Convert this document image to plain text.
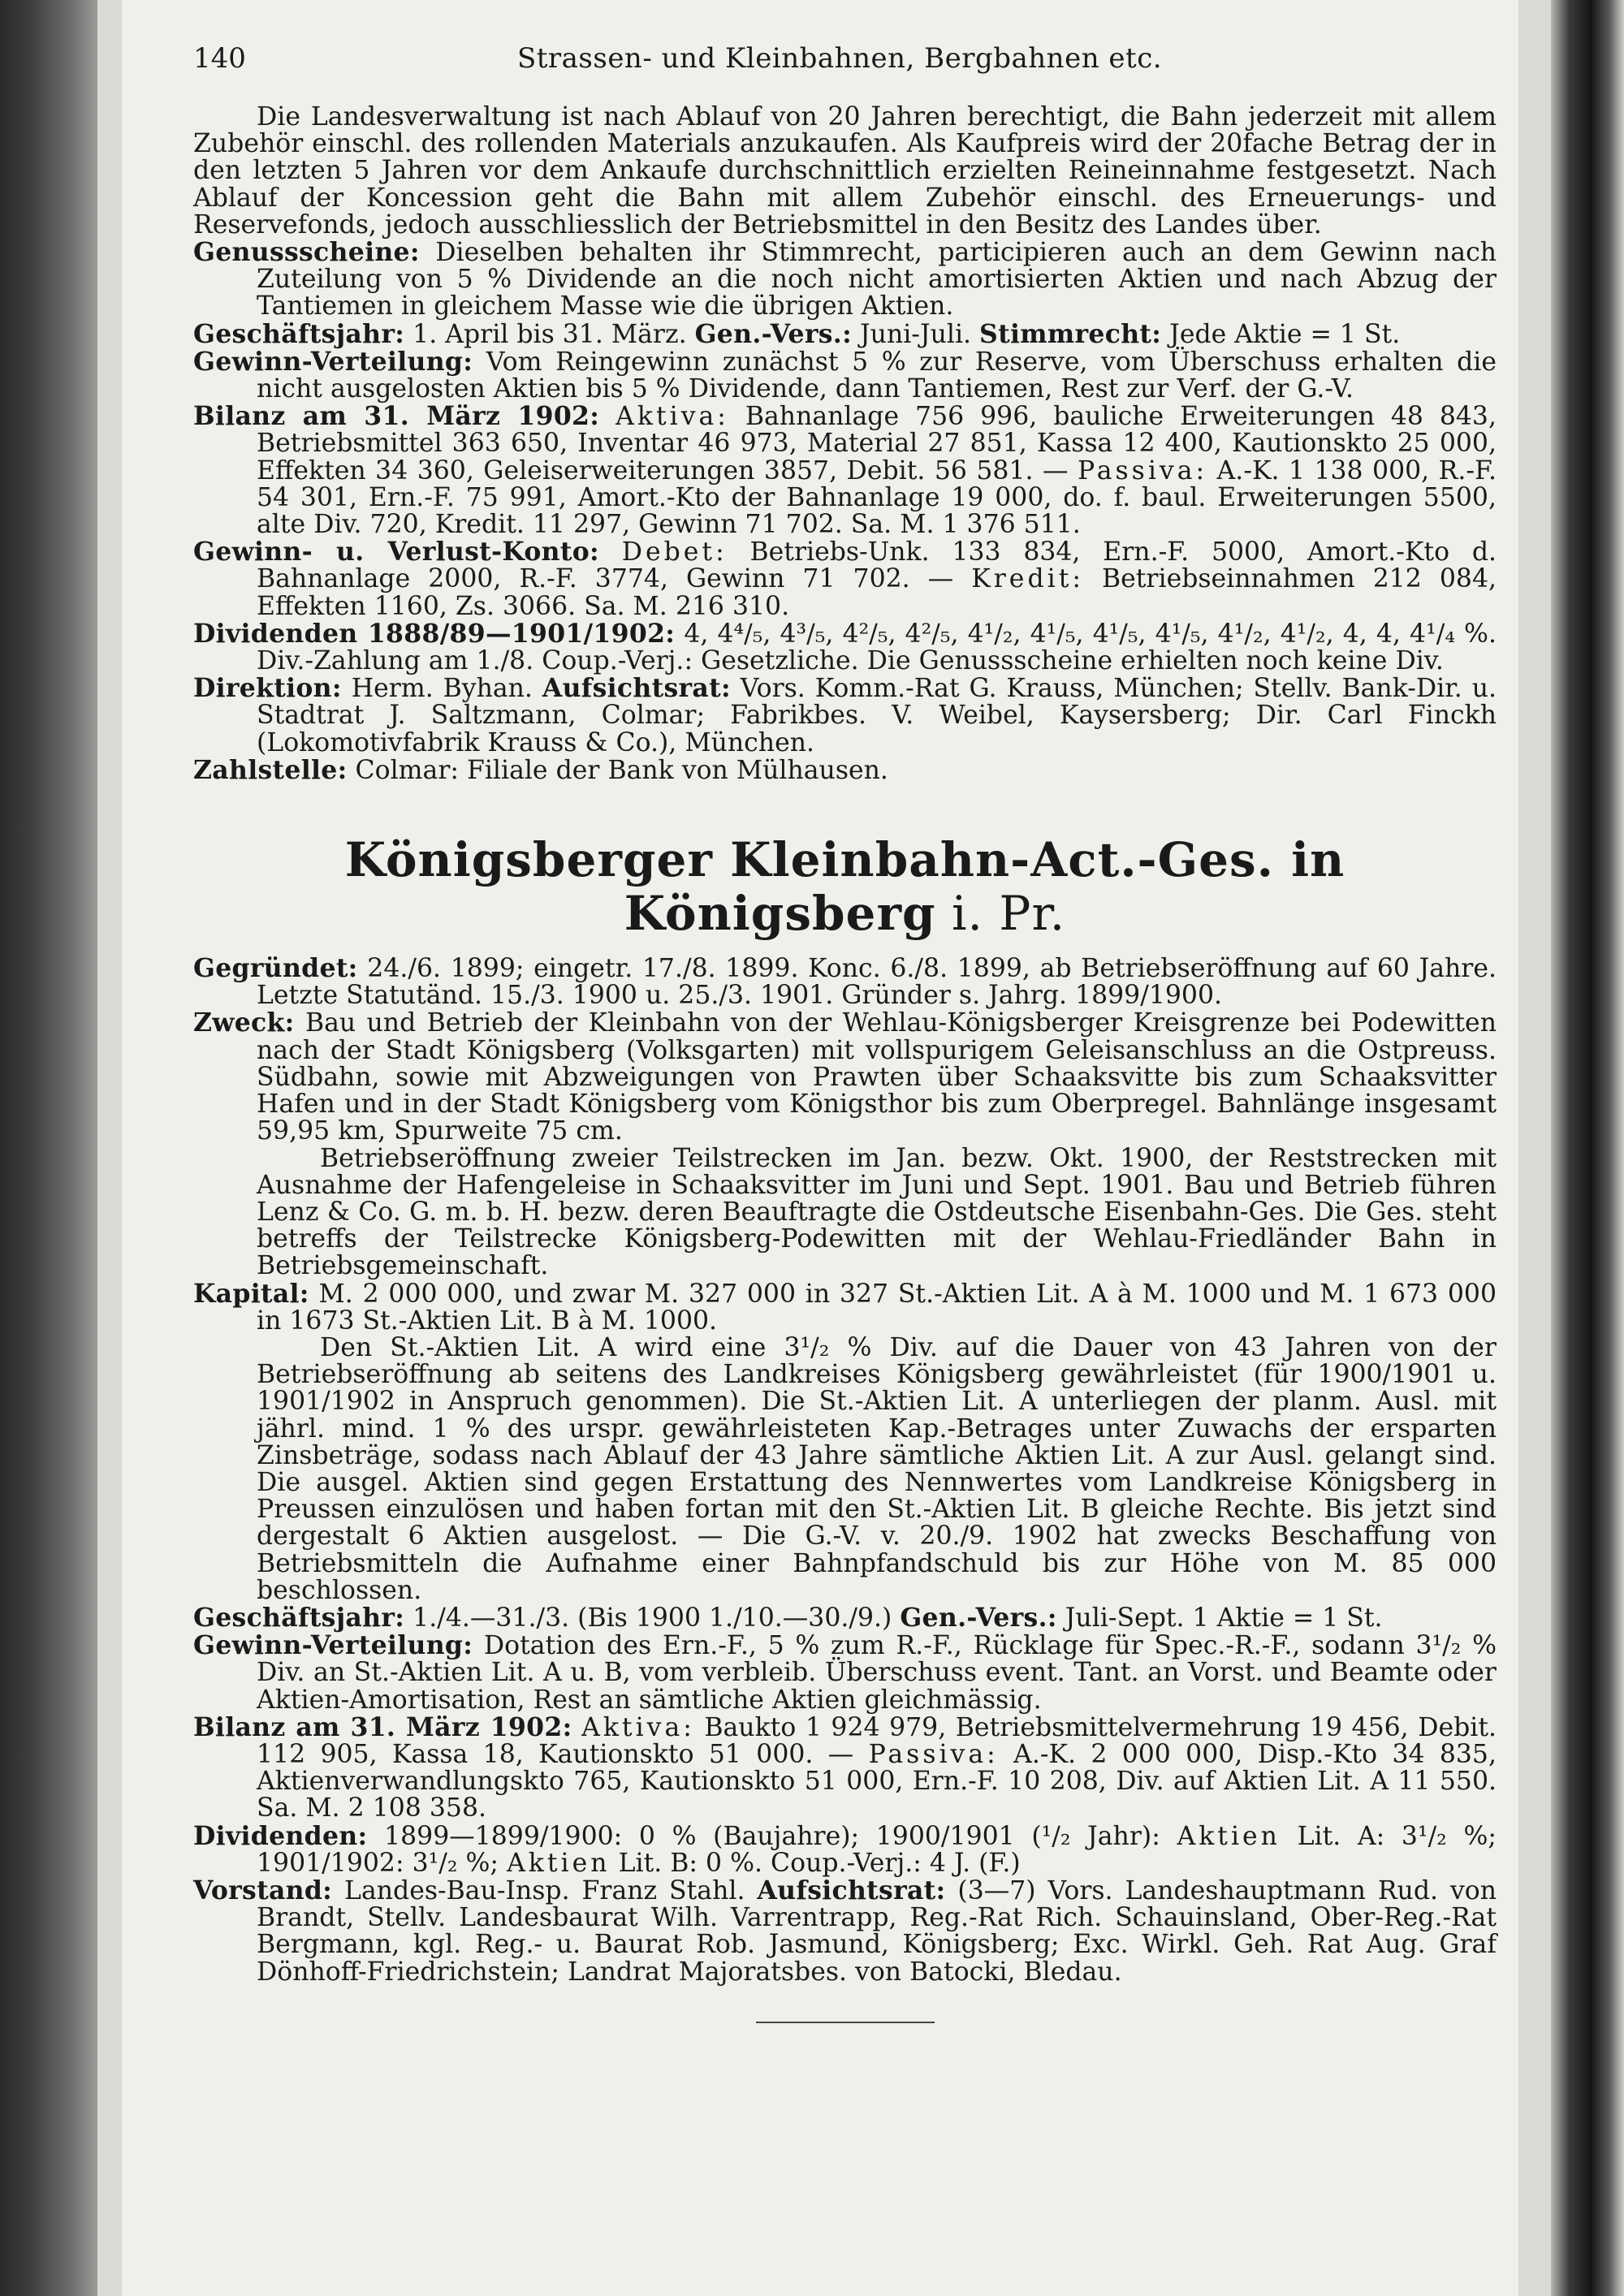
140	Strassen- und Kleinbahnen, Bergbahnen etc.

Die Landesverwaltung ist nach Ablauf von 20 Jahren berechtigt, die Bahn jederzeit mit allem Zubehör einschl. des rollenden Materials anzukaufen. Als Kaufpreis wird der 20fache Betrag der in den letzten 5 Jahren vor dem Ankaufe durchschnittlich erzielten Reineinnahme festgesetzt. Nach Ablauf der Koncession geht die Bahn mit allem Zubehör einschl. des Erneuerungs- und Reservefonds, jedoch ausschliesslich der Betriebsmittel in den Besitz des Landes über.

Genussscheine: Dieselben behalten ihr Stimmrecht, participieren auch an dem Gewinn nach Zuteilung von 5 % Dividende an die noch nicht amortisierten Aktien und nach Abzug der Tantiemen in gleichem Masse wie die übrigen Aktien.

Geschäftsjahr: 1. April bis 31. März. Gen.-Vers.: Juni-Juli. Stimmrecht: Jede Aktie = 1 St.

Gewinn-Verteilung: Vom Reingewinn zunächst 5 % zur Reserve, vom Überschuss erhalten die nicht ausgelosten Aktien bis 5 % Dividende, dann Tantiemen, Rest zur Verf. der G.-V.

Bilanz am 31. März 1902: Aktiva: Bahnanlage 756 996, bauliche Erweiterungen 48 843, Betriebsmittel 363 650, Inventar 46 973, Material 27 851, Kassa 12 400, Kautionskto 25 000, Effekten 34 360, Geleiserweiterungen 3857, Debit. 56 581. — Passiva: A.-K. 1 138 000, R.-F. 54 301, Ern.-F. 75 991, Amort.-Kto der Bahnanlage 19 000, do. f. baul. Erweiterungen 5500, alte Div. 720, Kredit. 11 297, Gewinn 71 702. Sa. M. 1 376 511.

Gewinn- u. Verlust-Konto: Debet: Betriebs-Unk. 133 834, Ern.-F. 5000, Amort.-Kto d. Bahnanlage 2000, R.-F. 3774, Gewinn 71 702. — Kredit: Betriebseinnahmen 212 084, Effekten 1160, Zs. 3066. Sa. M. 216 310.

Dividenden 1888/89—1901/1902: 4, 4⁴/₅, 4³/₅, 4²/₅, 4²/₅, 4¹/₂, 4¹/₅, 4¹/₅, 4¹/₅, 4¹/₂, 4¹/₂, 4, 4, 4¹/₄ %. Div.-Zahlung am 1./8. Coup.-Verj.: Gesetzliche. Die Genussscheine erhielten noch keine Div.

Direktion: Herm. Byhan. Aufsichtsrat: Vors. Komm.-Rat G. Krauss, München; Stellv. Bank-Dir. u. Stadtrat J. Saltzmann, Colmar; Fabrikbes. V. Weibel, Kaysersberg; Dir. Carl Finckh (Lokomotivfabrik Krauss & Co.), München.

Zahlstelle: Colmar: Filiale der Bank von Mülhausen.

Königsberger Kleinbahn-Act.-Ges. in Königsberg i. Pr.

Gegründet: 24./6. 1899; eingetr. 17./8. 1899. Konc. 6./8. 1899, ab Betriebseröffnung auf 60 Jahre. Letzte Statutänd. 15./3. 1900 u. 25./3. 1901. Gründer s. Jahrg. 1899/1900.

Zweck: Bau und Betrieb der Kleinbahn von der Wehlau-Königsberger Kreisgrenze bei Podewitten nach der Stadt Königsberg (Volksgarten) mit vollspurigem Geleisanschluss an die Ostpreuss. Südbahn, sowie mit Abzweigungen von Prawten über Schaaksvitte bis zum Schaaksvitter Hafen und in der Stadt Königsberg vom Königsthor bis zum Oberpregel. Bahnlänge insgesamt 59,95 km, Spurweite 75 cm.

Betriebseröffnung zweier Teilstrecken im Jan. bezw. Okt. 1900, der Reststrecken mit Ausnahme der Hafengeleise in Schaaksvitter im Juni und Sept. 1901. Bau und Betrieb führen Lenz & Co. G. m. b. H. bezw. deren Beauftragte die Ostdeutsche Eisenbahn-Ges. Die Ges. steht betreffs der Teilstrecke Königsberg-Podewitten mit der Wehlau-Friedländer Bahn in Betriebsgemeinschaft.

Kapital: M. 2 000 000, und zwar M. 327 000 in 327 St.-Aktien Lit. A à M. 1000 und M. 1 673 000 in 1673 St.-Aktien Lit. B à M. 1000.

Den St.-Aktien Lit. A wird eine 3¹/₂ % Div. auf die Dauer von 43 Jahren von der Betriebseröffnung ab seitens des Landkreises Königsberg gewährleistet (für 1900/1901 u. 1901/1902 in Anspruch genommen). Die St.-Aktien Lit. A unterliegen der planm. Ausl. mit jährl. mind. 1 % des urspr. gewährleisteten Kap.-Betrages unter Zuwachs der ersparten Zinsbeträge, sodass nach Ablauf der 43 Jahre sämtliche Aktien Lit. A zur Ausl. gelangt sind. Die ausgel. Aktien sind gegen Erstattung des Nennwertes vom Landkreise Königsberg in Preussen einzulösen und haben fortan mit den St.-Aktien Lit. B gleiche Rechte. Bis jetzt sind dergestalt 6 Aktien ausgelost. — Die G.-V. v. 20./9. 1902 hat zwecks Beschaffung von Betriebsmitteln die Aufnahme einer Bahnpfandschuld bis zur Höhe von M. 85 000 beschlossen.

Geschäftsjahr: 1./4.—31./3. (Bis 1900 1./10.—30./9.) Gen.-Vers.: Juli-Sept. 1 Aktie = 1 St.

Gewinn-Verteilung: Dotation des Ern.-F., 5 % zum R.-F., Rücklage für Spec.-R.-F., sodann 3¹/₂ % Div. an St.-Aktien Lit. A u. B, vom verbleib. Überschuss event. Tant. an Vorst. und Beamte oder Aktien-Amortisation, Rest an sämtliche Aktien gleichmässig.

Bilanz am 31. März 1902: Aktiva: Baukto 1 924 979, Betriebsmittelvermehrung 19 456, Debit. 112 905, Kassa 18, Kautionskto 51 000. — Passiva: A.-K. 2 000 000, Disp.-Kto 34 835, Aktienverwandlungskto 765, Kautionskto 51 000, Ern.-F. 10 208, Div. auf Aktien Lit. A 11 550. Sa. M. 2 108 358.

Dividenden: 1899—1899/1900: 0 % (Baujahre); 1900/1901 (¹/₂ Jahr): Aktien Lit. A: 3¹/₂ %; 1901/1902: 3¹/₂ %; Aktien Lit. B: 0 %. Coup.-Verj.: 4 J. (F.)

Vorstand: Landes-Bau-Insp. Franz Stahl. Aufsichtsrat: (3—7) Vors. Landeshauptmann Rud. von Brandt, Stellv. Landesbaurat Wilh. Varrentrapp, Reg.-Rat Rich. Schauinsland, Ober-Reg.-Rat Bergmann, kgl. Reg.- u. Baurat Rob. Jasmund, Königsberg; Exc. Wirkl. Geh. Rat Aug. Graf Dönhoff-Friedrichstein; Landrat Majoratsbes. von Batocki, Bledau.
